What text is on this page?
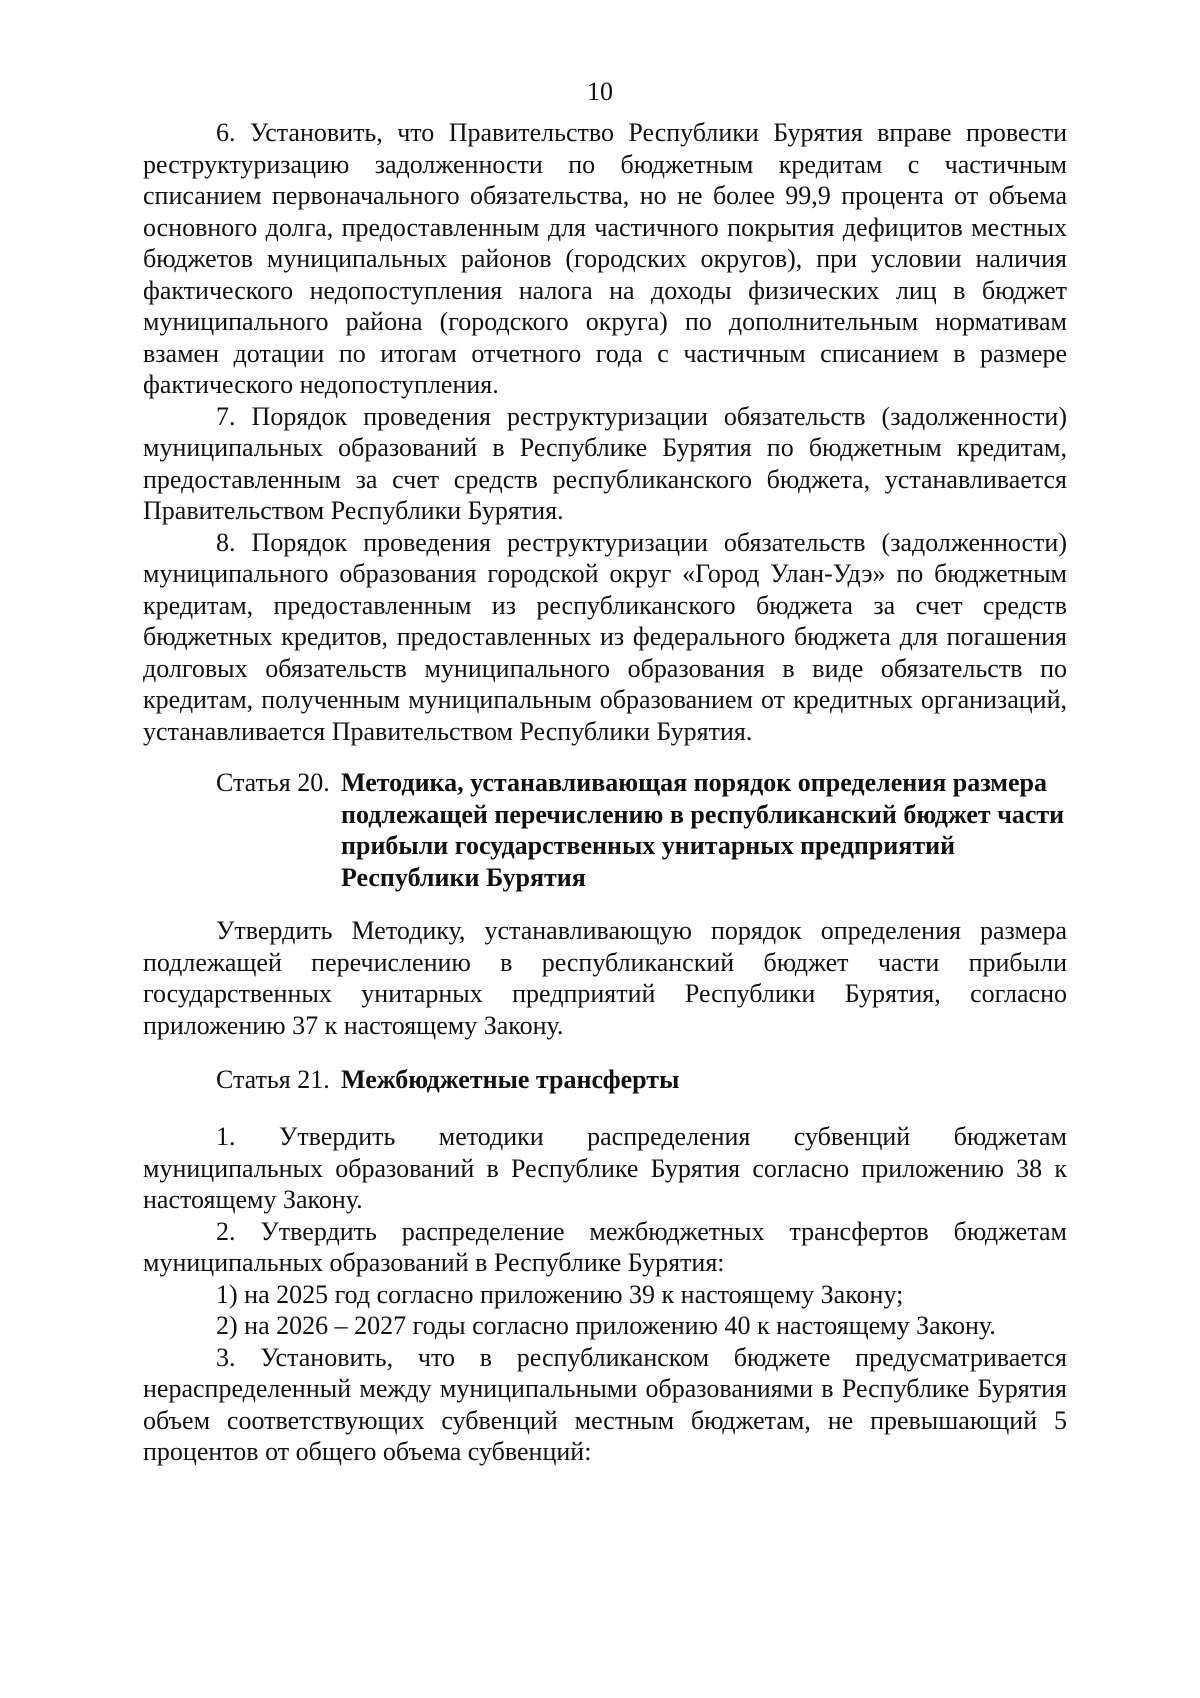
10

6. Установить, что Правительство Республики Бурятия вправе провести реструктуризацию задолженности по бюджетным кредитам с частичным списанием первоначального обязательства, но не более 99,9 процента от объема основного долга, предоставленным для частичного покрытия дефицитов местных бюджетов муниципальных районов (городских округов), при условии наличия фактического недопоступления налога на доходы физических лиц в бюджет муниципального района (городского округа) по дополнительным нормативам взамен дотации по итогам отчетного года с частичным списанием в размере фактического недопоступления.

7. Порядок проведения реструктуризации обязательств (задолженности) муниципальных образований в Республике Бурятия по бюджетным кредитам, предоставленным за счет средств республиканского бюджета, устанавливается Правительством Республики Бурятия.

8. Порядок проведения реструктуризации обязательств (задолженности) муниципального образования городской округ «Город Улан-Удэ» по бюджетным кредитам, предоставленным из республиканского бюджета за счет средств бюджетных кредитов, предоставленных из федерального бюджета для погашения долговых обязательств муниципального образования в виде обязательств по кредитам, полученным муниципальным образованием от кредитных организаций, устанавливается Правительством Республики Бурятия.

Статья 20. Методика, устанавливающая порядок определения размера подлежащей перечислению в республиканский бюджет части прибыли государственных унитарных предприятий Республики Бурятия

Утвердить Методику, устанавливающую порядок определения размера подлежащей перечислению в республиканский бюджет части прибыли государственных унитарных предприятий Республики Бурятия, согласно приложению 37 к настоящему Закону.

Статья 21. Межбюджетные трансферты

1. Утвердить методики распределения субвенций бюджетам муниципальных образований в Республике Бурятия согласно приложению 38 к настоящему Закону.

2. Утвердить распределение межбюджетных трансфертов бюджетам муниципальных образований в Республике Бурятия:

1) на 2025 год согласно приложению 39 к настоящему Закону;

2) на 2026 – 2027 годы согласно приложению 40 к настоящему Закону.

3. Установить, что в республиканском бюджете предусматривается нераспределенный между муниципальными образованиями в Республике Бурятия объем соответствующих субвенций местным бюджетам, не превышающий 5 процентов от общего объема субвенций:
